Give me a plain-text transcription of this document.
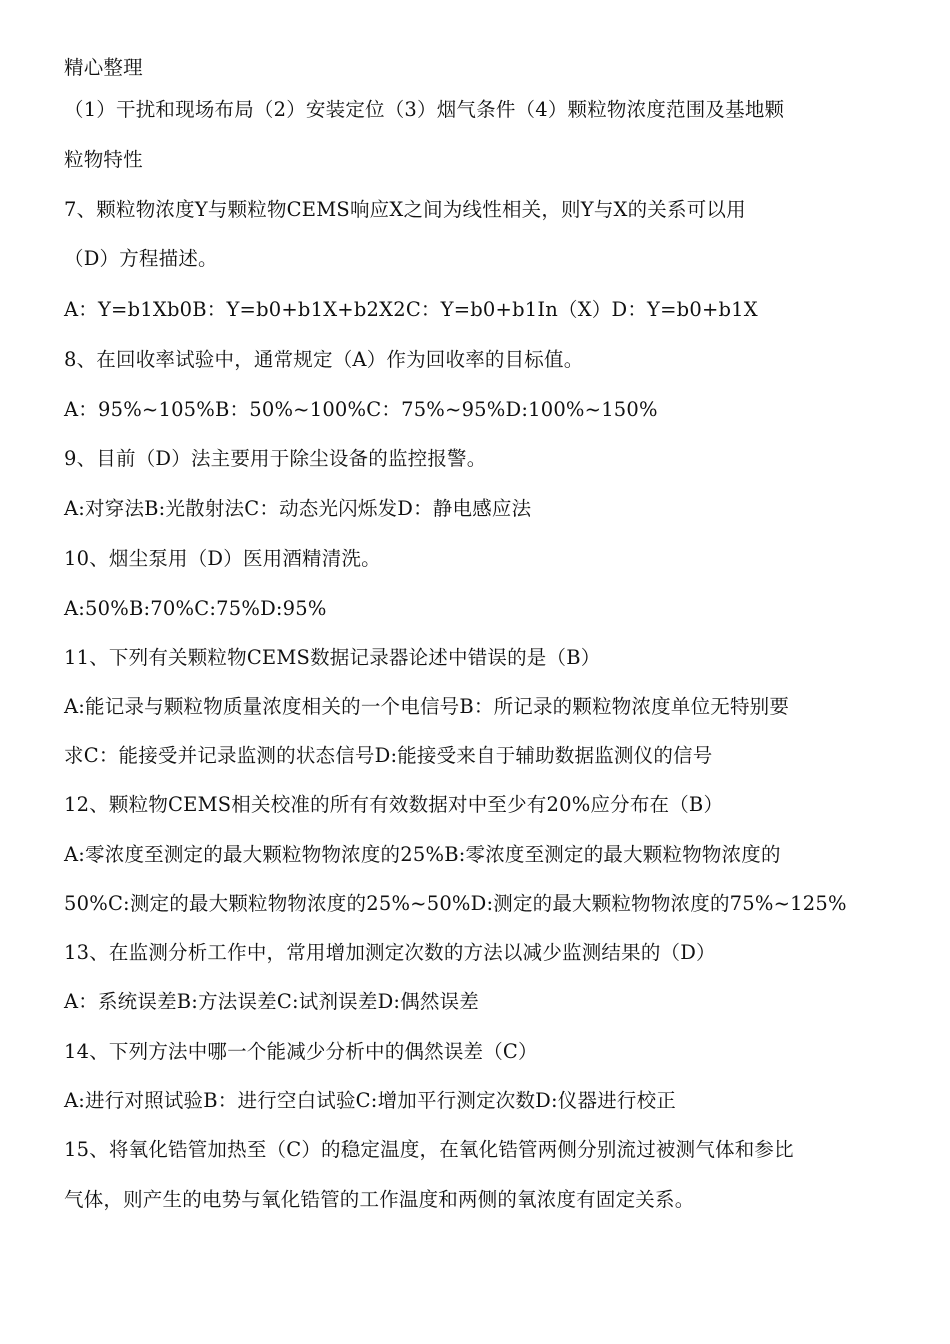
精心整理
（1）干扰和现场布局（2）安装定位（3）烟气条件（4）颗粒物浓度范围及基地颗
粒物特性
7、颗粒物浓度Y与颗粒物CEMS响应X之间为线性相关，则Y与X的关系可以用
（D）方程描述。
A：Y=b1Xb0B：Y=b0+b1X+b2X2C：Y=b0+b1In（X）D：Y=b0+b1X
8、在回收率试验中，通常规定（A）作为回收率的目标值。
A：95%~105%B：50%~100%C：75%~95%D:100%~150%
9、目前（D）法主要用于除尘设备的监控报警。
A:对穿法B:光散射法C：动态光闪烁发D：静电感应法
10、烟尘泵用（D）医用酒精清洗。
A:50%B:70%C:75%D:95%
11、下列有关颗粒物CEMS数据记录器论述中错误的是（B）
A:能记录与颗粒物质量浓度相关的一个电信号B：所记录的颗粒物浓度单位无特别要
求C：能接受并记录监测的状态信号D:能接受来自于辅助数据监测仪的信号
12、颗粒物CEMS相关校准的所有有效数据对中至少有20%应分布在（B）
A:零浓度至测定的最大颗粒物物浓度的25%B:零浓度至测定的最大颗粒物物浓度的
50%C:测定的最大颗粒物物浓度的25%~50%D:测定的最大颗粒物物浓度的75%~125%
13、在监测分析工作中，常用增加测定次数的方法以减少监测结果的（D）
A：系统误差B:方法误差C:试剂误差D:偶然误差
14、下列方法中哪一个能减少分析中的偶然误差（C）
A:进行对照试验B：进行空白试验C:增加平行测定次数D:仪器进行校正
15、将氧化锆管加热至（C）的稳定温度，在氧化锆管两侧分别流过被测气体和参比
气体，则产生的电势与氧化锆管的工作温度和两侧的氧浓度有固定关系。
